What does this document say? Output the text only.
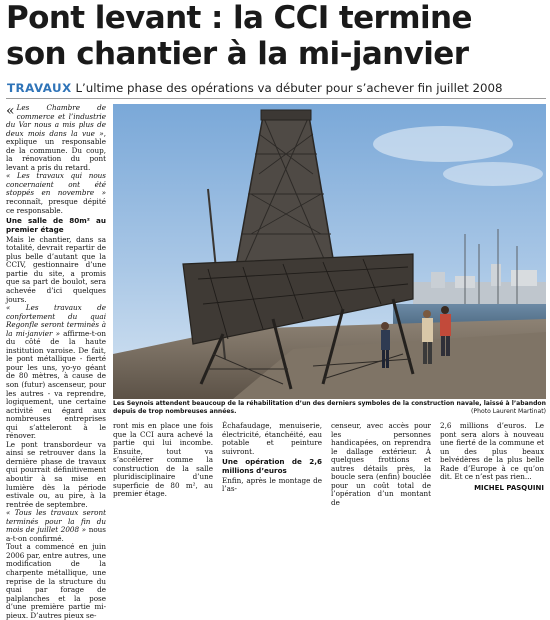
Pont levant : la CCI termine
son chantier à la mi-janvier
TRAVAUX L’ultime phase des opérations va débuter pour s’achever fin juillet 2008

« Les Chambre de commerce et l’industrie du Var nous a mis plus de deux mois dans la vue », explique un responsable de la commune. Du coup, la rénovation du pont levant a pris du retard.

« Les travaux qui nous concernaient ont été stoppés en novembre » reconnaît, presque dépité ce responsable.

Une salle de 80m² au premier étage

Mais le chantier, dans sa totalité, devrait repartir de plus belle d’autant que la CCIV, gestionnaire d’une partie du site, a promis que sa part de boulot, sera achevée d’ici quelques jours.

« Les travaux de confortement du quai Regonfle seront terminés à la mi-janvier » affirme-t-on du côté de la haute institution varoise. De fait, le pont métallique - fierté pour les uns, yo-yo géant de 80 mètres, à cause de son (futur) ascenseur, pour les autres - va reprendre, logiquement, une certaine activité eu égard aux nombreuses entreprises qui s’atteleront à le rénover.

Le pont transbordeur va ainsi se retrouver dans la dernière phase de travaux qui pourrait définitivement aboutir à sa mise en lumière dès la période estivale ou, au pire, à la rentrée de septembre.

« Tous les travaux seront terminés pour la fin du mois de juillet 2008 » nous a-t-on confirmé.

Tout a commencé en juin 2006 par, entre autres, une modification de la charpente métallique, une reprise de la structure du quai par forage de palplanches et la pose d’une première partie mi-pieux. D’autres pieux se-

Les Seynois attendent beaucoup de la réhabilitation d’un des derniers symboles de la construction navale, laissé à l’abandon depuis de trop nombreuses années.	(Photo Laurent Martinat)

ront mis en place une fois que la CCI aura achevé la partie qui lui incombe. Ensuite, tout va s’accélérer comme la construction de la salle pluridisciplinaire d’une superficie de 80 m², au premier étage.

Échafaudage, menuiserie, électricité, étanchéité, eau potable et peinture suivront.

Une opération de 2,6 millions d’euros

Enfin, après le montage de l’as-

censeur, avec accès pour les personnes handicapées, on reprendra le dallage extérieur. À quelques frottions et autres détails près, la boucle sera (enfin) bouclée pour un coût total de l’opération d’un montant de

2,6 millions d’euros. Le pont sera alors à nouveau une fierté de la commune et un des plus beaux belvédères de la plus belle Rade d’Europe à ce qu’on dit. Et ce n’est pas rien...

MICHEL PASQUINI
